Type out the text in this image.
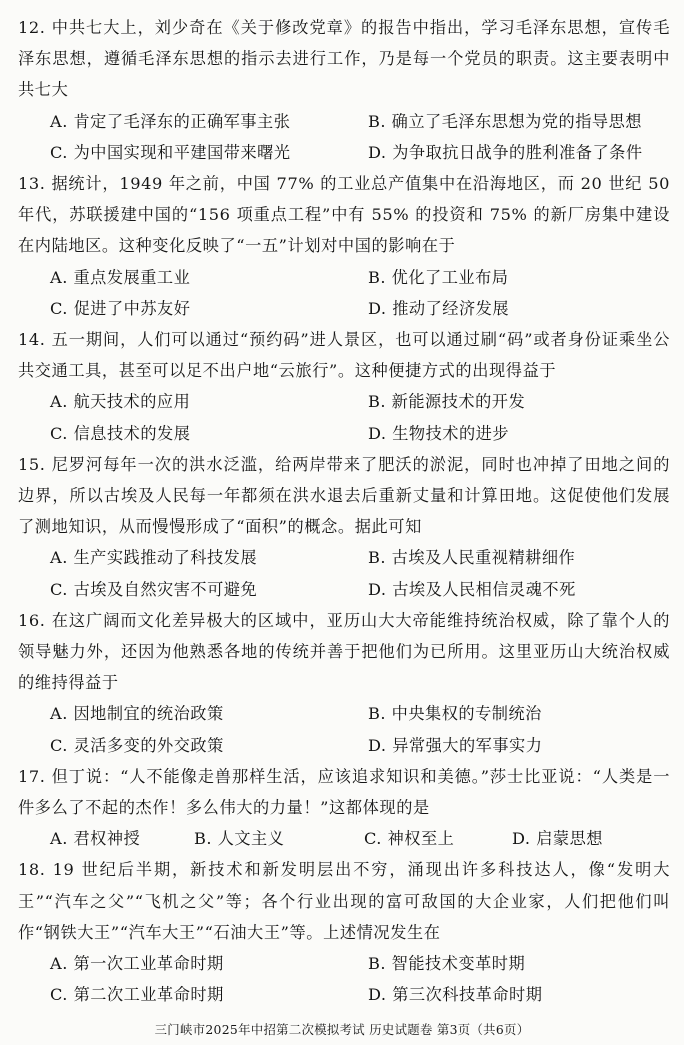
12. 中共七大上，刘少奇在《关于修改党章》的报告中指出，学习毛泽东思想，宣传毛泽东思想，遵循毛泽东思想的指示去进行工作，乃是每一个党员的职责。这主要表明中共七大
A. 肯定了毛泽东的正确军事主张	B. 确立了毛泽东思想为党的指导思想
C. 为中国实现和平建国带来曙光	D. 为争取抗日战争的胜利准备了条件
13. 据统计，1949 年之前，中国 77% 的工业总产值集中在沿海地区，而 20 世纪 50 年代，苏联援建中国的“156 项重点工程”中有 55% 的投资和 75% 的新厂房集中建设在内陆地区。这种变化反映了“一五”计划对中国的影响在于
A. 重点发展重工业	B. 优化了工业布局
C. 促进了中苏友好	D. 推动了经济发展
14. 五一期间，人们可以通过“预约码”进人景区，也可以通过刷“码”或者身份证乘坐公共交通工具，甚至可以足不出户地“云旅行”。这种便捷方式的出现得益于
A. 航天技术的应用	B. 新能源技术的开发
C. 信息技术的发展	D. 生物技术的进步
15. 尼罗河每年一次的洪水泛滥，给两岸带来了肥沃的淤泥，同时也冲掉了田地之间的边界，所以古埃及人民每一年都须在洪水退去后重新丈量和计算田地。这促使他们发展了测地知识，从而慢慢形成了“面积”的概念。据此可知
A. 生产实践推动了科技发展	B. 古埃及人民重视精耕细作
C. 古埃及自然灾害不可避免	D. 古埃及人民相信灵魂不死
16. 在这广阔而文化差异极大的区域中，亚历山大大帝能维持统治权威，除了靠个人的领导魅力外，还因为他熟悉各地的传统并善于把他们为已所用。这里亚历山大统治权威的维持得益于
A. 因地制宜的统治政策	B. 中央集权的专制统治
C. 灵活多变的外交政策	D. 异常强大的军事实力
17. 但丁说：“人不能像走兽那样生活，应该追求知识和美德。”莎士比亚说：“人类是一件多么了不起的杰作！多么伟大的力量！”这都体现的是
A. 君权神授	B. 人文主义	C. 神权至上	D. 启蒙思想
18. 19 世纪后半期，新技术和新发明层出不穷，涌现出许多科技达人，像“发明大王”“汽车之父”“飞机之父”等；各个行业出现的富可敌国的大企业家，人们把他们叫作“钢铁大王”“汽车大王”“石油大王”等。上述情况发生在
A. 第一次工业革命时期	B. 智能技术变革时期
C. 第二次工业革命时期	D. 第三次科技革命时期
三门峡市2025年中招第二次模拟考试 历史试题卷 第3页（共6页）
